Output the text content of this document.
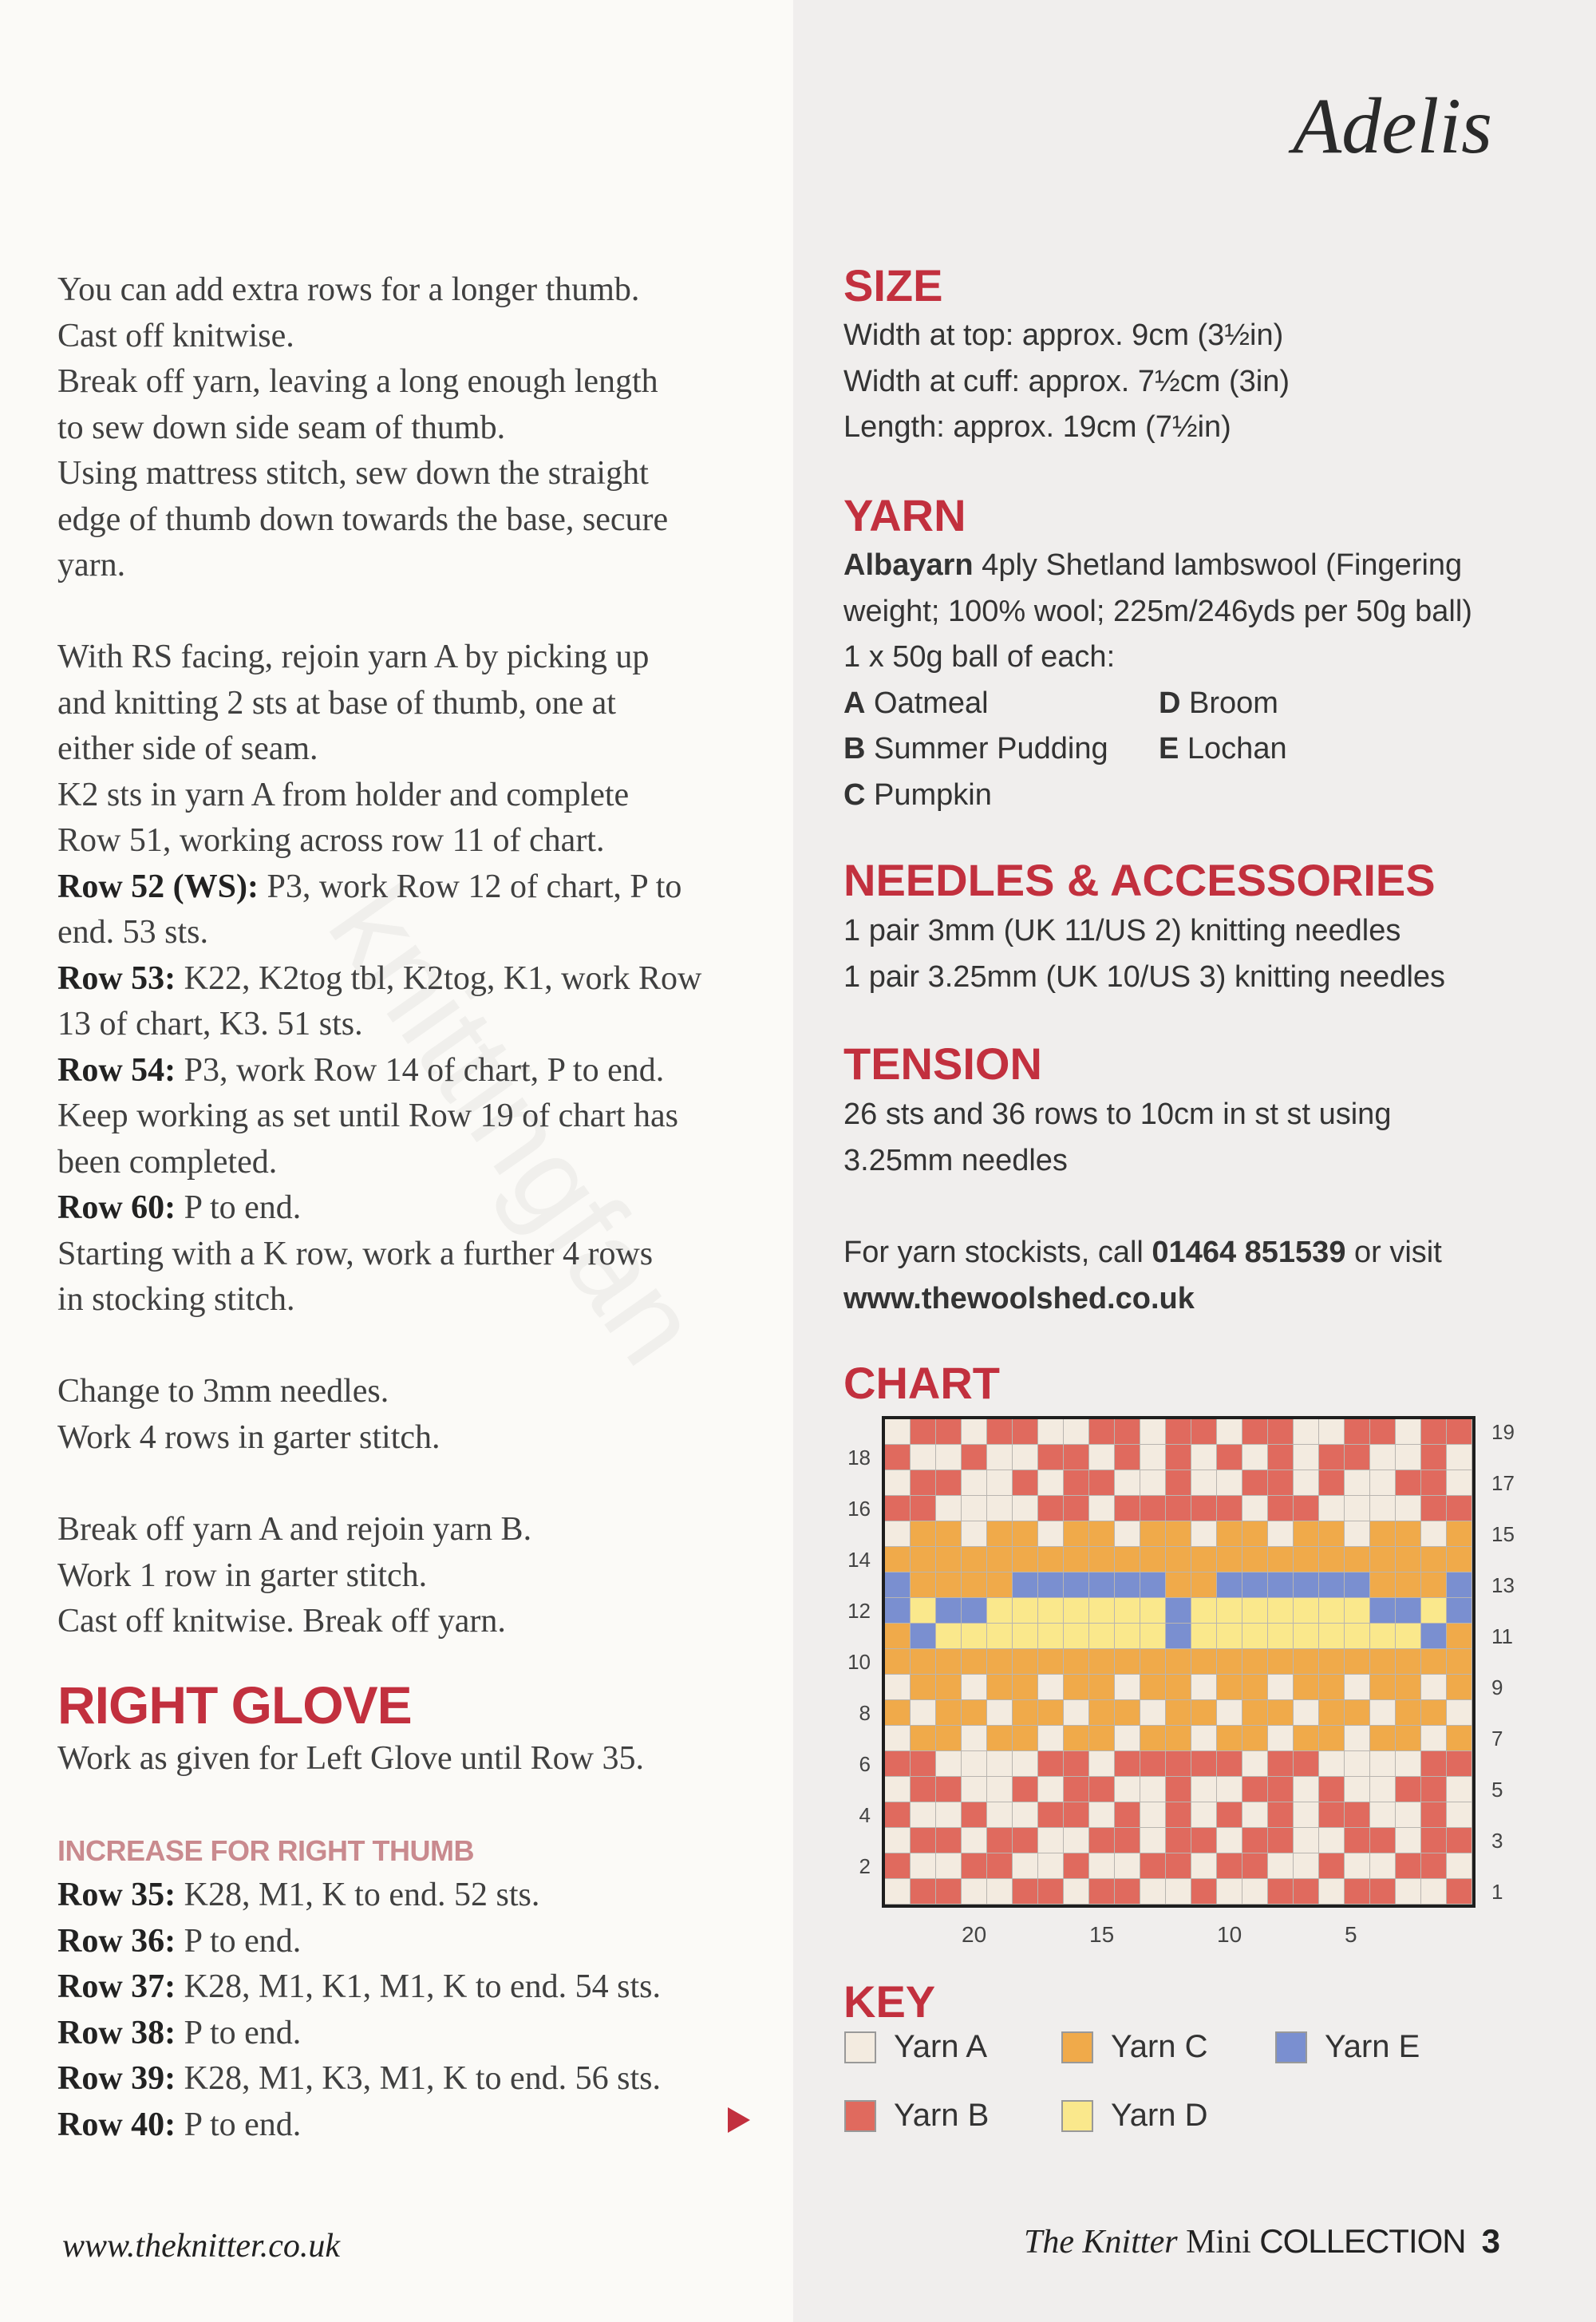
You can add extra rows for a longer thumb.

Cast off knitwise.

Break off yarn, leaving a long enough length

to sew down side seam of thumb.

Using mattress stitch, sew down the straight

edge of thumb down towards the base, secure

yarn.

With RS facing, rejoin yarn A by picking up

and knitting 2 sts at base of thumb, one at

either side of seam.

K2 sts in yarn A from holder and complete

Row 51, working across row 11 of chart.

Row 52 (WS): P3, work Row 12 of chart, P to

end. 53 sts.

Row 53: K22, K2tog tbl, K2tog, K1, work Row

13 of chart, K3. 51 sts.

Row 54: P3, work Row 14 of chart, P to end.

Keep working as set until Row 19 of chart has

been completed.

Row 60: P to end.

Starting with a K row, work a further 4 rows

in stocking stitch.

Change to 3mm needles.

Work 4 rows in garter stitch.

Break off yarn A and rejoin yarn B.

Work 1 row in garter stitch.

Cast off knitwise. Break off yarn.

RIGHT GLOVE

Work as given for Left Glove until Row 35.

INCREASE FOR RIGHT THUMB

Row 35: K28, M1, K to end. 52 sts.

Row 36: P to end.

Row 37: K28, M1, K1, M1, K to end. 54 sts.

Row 38: P to end.

Row 39: K28, M1, K3, M1, K to end. 56 sts.

Row 40: P to end.

Adelis
SIZE

Width at top: approx. 9cm (3½in)

Width at cuff: approx. 7½cm (3in)

Length: approx. 19cm (7½in)

YARN

Albayarn 4ply Shetland lambswool (Fingering

weight; 100% wool; 225m/246yds per 50g ball)

1 x 50g ball of each:

A Oatmeal	D Broom
B Summer Pudding	E Lochan
C Pumpkin
NEEDLES & ACCESSORIES

1 pair 3mm (UK 11/US 2) knitting needles

1 pair 3.25mm (UK 10/US 3) knitting needles

TENSION

26 sts and 36 rows to 10cm in st st using

3.25mm needles

For yarn stockists, call 01464 851539 or visit

www.thewoolshed.co.uk

CHART
2
4
6
8
10
12
14
16
18
1
3
5
7
9
11
13
15
17
19
20	15	10	5
KEY
Yarn A	Yarn C	Yarn E
Yarn B	Yarn D
www.theknitter.co.uk	The Knitter Mini COLLECTION 3
